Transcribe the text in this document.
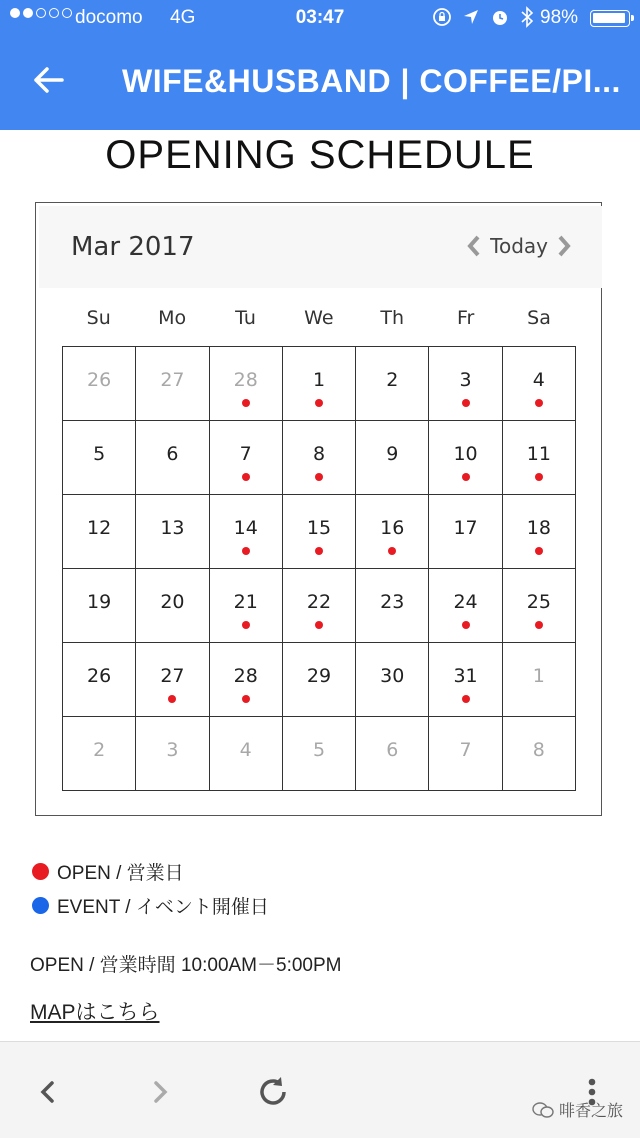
docomo 4G	03:47	98%
WIFE&HUSBAND | COFFEE/PI...
OPENING SCHEDULE
Mar 2017	Today
Su	Mo	Tu	We	Th	Fr	Sa
26	27	28	1	2	3	4

5	6	7	8	9	10	11

12	13	14	15	16	17	18

19	20	21	22	23	24	25

26	27	28	29	30	31	1

2	3	4	5	6	7	8
OPEN / 営業日
EVENT / イベント開催日
OPEN / 営業時間 10:00AM－5:00PM
MAPはこちら
啡香之旅
